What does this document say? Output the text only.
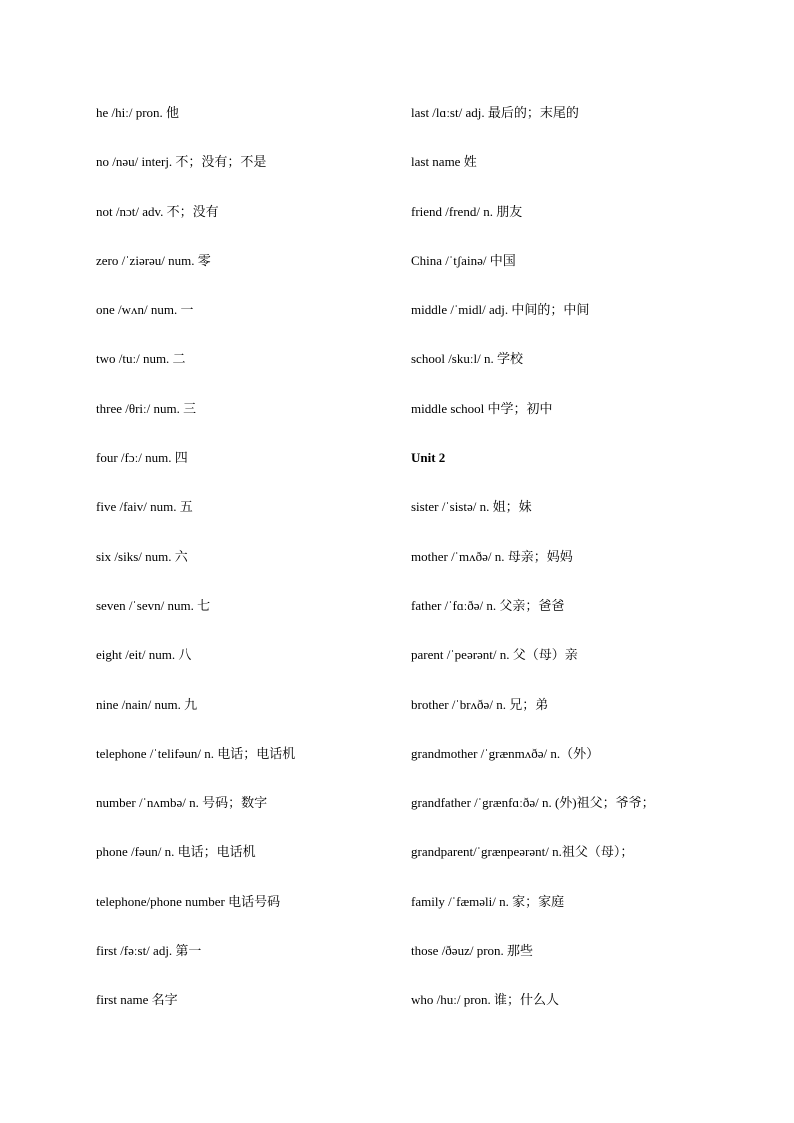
he /hiː/ pron. 他
no /nəu/ interj. 不；没有；不是
not /nɔt/ adv. 不；没有
zero /ˈziərəu/ num. 零
one /wʌn/ num. 一
two /tuː/ num. 二
three /θriː/ num. 三
four /fɔː/ num. 四
five /faiv/ num. 五
six /siks/ num. 六
seven /ˈsevn/ num. 七
eight /eit/ num. 八
nine /nain/ num. 九
telephone /ˈtelifəun/ n. 电话；电话机
number /ˈnʌmbə/ n. 号码；数字
phone /fəun/ n. 电话；电话机
telephone/phone number 电话号码
first /fəːst/ adj. 第一
first name 名字
last /lɑːst/ adj. 最后的；末尾的
last name 姓
friend /frend/ n. 朋友
China /ˈtʃainə/ 中国
middle /ˈmidl/ adj. 中间的；中间
school /skuːl/ n. 学校
middle school 中学；初中
Unit 2
sister /ˈsistə/ n. 姐；妹
mother /ˈmʌðə/ n. 母亲；妈妈
father /ˈfɑːðə/ n. 父亲；爸爸
parent /ˈpeərənt/ n. 父（母）亲
brother /ˈbrʌðə/ n. 兄；弟
grandmother /ˈgrænmʌðə/ n.（外）
grandfather /ˈgrænfɑːðə/ n. (外)祖父；爷爷；
grandparent/ˈgrænpeərənt/ n.祖父（母）；
family /ˈfæməli/ n. 家；家庭
those /ðəuz/ pron. 那些
who /huː/ pron. 谁；什么人
